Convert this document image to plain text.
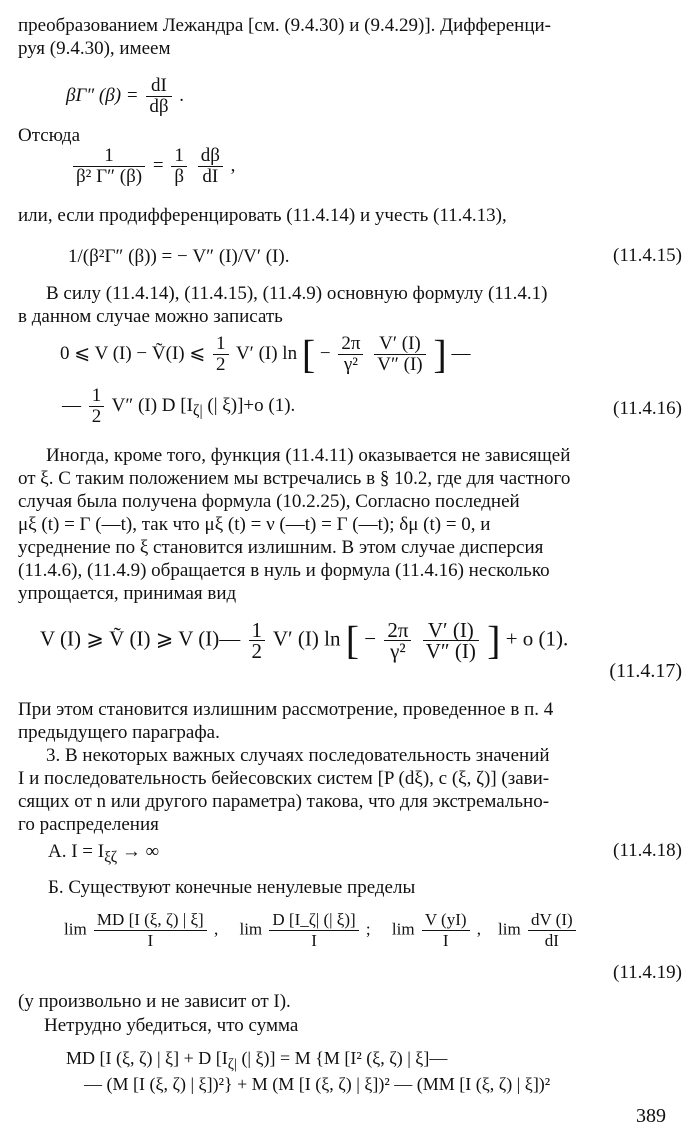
преобразованием Лежандра [см. (9.4.30) и (9.4.29)]. Дифференци-
руя (9.4.30), имеем
βΓ″ $(\beta) = \frac{dI}{d\beta}$ .
Отсюда
$\frac{1}{\text{β² Γ″ (β)}} = \frac{1}{\beta}$
$\frac{d\beta}{dI}$ ,
или, если продифференцировать (11.4.14) и учесть (11.4.13),
1/(β²Γ″ (β)) = − V″ (I)/V′ (I).	(11.4.15)
В силу (11.4.14), (11.4.15), (11.4.9) основную формулу (11.4.1)
в данном случае можно записать
0 ⩽ V (I) − Ṽ(I) ⩽ $\frac{1}{2} V'$ (I) ln [ − $\frac{2\pi}{\text{γ²}}$
$\frac{V' (I)}{V'' (I)}$ ] —
— $\frac{1}{2} V''$ (I) D [$I_{\zeta|}$ (| ξ)]+o (1).	(11.4.16)
Иногда, кроме того, функция (11.4.11) оказывается не зависящей
от ξ. С таким положением мы встречались в § 10.2, где для частного
случая была получена формула (10.2.25), Согласно последней
μξ (t) = Γ (—t), так что μξ (t) = ν (—t) = Γ (—t); δμ (t) = 0, и
усреднение по ξ становится излишним. В этом случае дисперсия
(11.4.6), (11.4.9) обращается в нуль и формула (11.4.16) несколько
упрощается, принимая вид
V (I) ⩾ Ṽ (I) ⩾ V (I)— $\frac{1}{2} V'$ (I) ln [ − $\frac{2\pi}{\text{γ²}}$
$\frac{V' (I)}{V'' (I)}$ ] + o (1).
(11.4.17)
При этом становится излишним рассмотрение, проведенное в п. 4
предыдущего параграфа.
3. В некоторых важных случаях последовательность значений
I и последовательность бейесовских систем [P (dξ), c (ξ, ζ)] (зави-
сящих от n или другого параметра) такова, что для экстремально-
го распределения
A. $I = I_{\xi\zeta}$ → ∞	(11.4.18)
Б. Существуют конечные ненулевые пределы
$\lim \frac{MD [I (\xi, \zeta) | \xi]}{I}$ , $\lim \frac{D [I\_\zeta| (| \xi)]}{I}$ ; $\lim \frac{V (yI)}{I}$ , $\lim \frac{dV (I)}{dI}$
(11.4.19)
(y произвольно и не зависит от I).
Нетрудно убедиться, что сумма
MD [I (ξ, ζ) | ξ] + D [$I_{\zeta|}$ (| ξ)] = M {M [I² (ξ, ζ) | ξ]—
— (M [I (ξ, ζ) | ξ])²} + M (M [I (ξ, ζ) | ξ])² — (MM [I (ξ, ζ) | ξ])²
389
